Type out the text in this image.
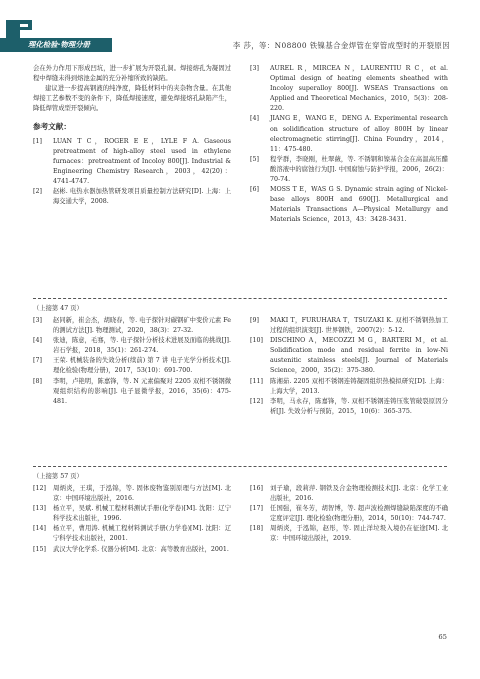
理化检验·物理分册	李 莎，等：N08800 铁镍基合金焊管在穿管成型时的开裂原因

会在外力作用下形成凹坑，进一步扩展为开裂孔洞。焊接熔孔为凝固过程中焊缝未得到熔池金属的充分补缩所致的缺陷。

建议进一步提高钢液的纯净度，降低材料中的夹杂物含量。在其他焊接工艺参数不变的条件下，降低焊接速度，避免焊接熔孔缺陷产生，降低焊管成型开裂倾向。

参考文献：
[1]	LUAN T C，ROGER E E，LYLE F A. Gaseous pretreatment of high-alloy steel used in ethylene furnaces：pretreatment of Incoloy 800[J]. Industrial & Engineering Chemistry Research，2003，42(20)：4741-4747.
[2]	赵彬. 电热水器加热管研发项目质量控制方法研究[D]. 上海：上海交通大学，2008.
[3]	AUREL R，MIRCEA N，LAURENTIU R C，et al. Optimal design of heating elements sheathed with Incoloy superalloy 800[J]. WSEAS Transactions on Applied and Theoretical Mechanics，2010，5(3)：208-220.
[4]	JIANG E，WANG E，DENG A. Experimental research on solidification structure of alloy 800H by linear electromagnetic stirring[J]. China Foundry，2014，11：475-480.
[5]	程学群，李晓刚，杜翠薇，等. 不锈钢和镍基合金在高温高压醋酸溶液中的腐蚀行为[J]. 中国腐蚀与防护学报，2006，26(2)：70-74.
[6]	MOSS T E，WAS G S. Dynamic strain aging of Nickel-base alloys 800H and 690[J]. Metallurgical and Materials Transactions A—Physical Metallurgy and Materials Science，2013，43：3428-3431.
（上接第 47 页）
[3]	赵同新，崔会杰，胡晓春，等. 电子探针对碳钢矿中变价元素 Fe 的测试方法[J]. 物理测试，2020，38(3)：27-32.
[4]	张迪，陈意，毛骞，等. 电子探针分析技术进展及面临的挑战[J]. 岩石学报，2018，35(1)：261-274.
[7]	王荣. 机械装备的失效分析(续前) 第 7 讲 电子光学分析技术[J]. 理化检验(物理分册)，2017，53(10)：691-700.
[8]	李明，卢艳明，陈嘉锋，等. N 元素偏聚对 2205 双相不锈钢微观组织结构的影响[J]. 电子显微学报，2016，35(6)：475-481.
[9]	MAKI T，FURUHARA T，TSUZAKI K. 双相不锈钢热加工过程的组织演变[J]. 世界钢铁，2007(2)：5-12.
[10]	DISCHINO A，MECOZZI M G，BARTERI M，et al. Solidification mode and residual ferrite in low-Ni austenitic stainless steels[J]. Journal of Materials Science，2000，35(2)：375-380.
[11]	陈湘茹. 2205 双相不锈钢连铸凝固组织热模拟研究[D]. 上海：上海大学，2013.
[12]	李明，马永存，陈嘉锋，等. 双相不锈钢连铸压浆管破裂原因分析[J]. 失效分析与预防，2015，10(6)：365-375.
（上接第 57 页）
[12]	周炳炎，王琪，于泓锦，等. 固体废物鉴别原理与方法[M]. 北京：中国环境出版社，2016.
[13]	杨立平，吴斌. 机械工程材料测试手册(化学卷)[M]. 沈阳：辽宁科学技术出版社，1996.
[14]	杨立平，曹用涛. 机械工程材料测试手册(力学卷)[M]. 沈阳：辽宁科学技术出版社，2001.
[15]	武汉大学化学系. 仪器分析[M]. 北京：高等教育出版社，2001.
[16]	刘子瑜，段莉萍. 钢铁及合金物理检测技术[J]. 北京：化学工业出版社，2016.
[17]	任国强，崔冬芳，胡智博，等. 超声波检测焊缝缺陷深度的不确定度评定[J]. 理化检验(物理分册)，2014，50(10)：744-747.
[18]	周炳炎，于泓锦，赵彤，等. 固止洋垃圾入境仍在征途[M]. 北京：中国环境出版社，2019.
65
